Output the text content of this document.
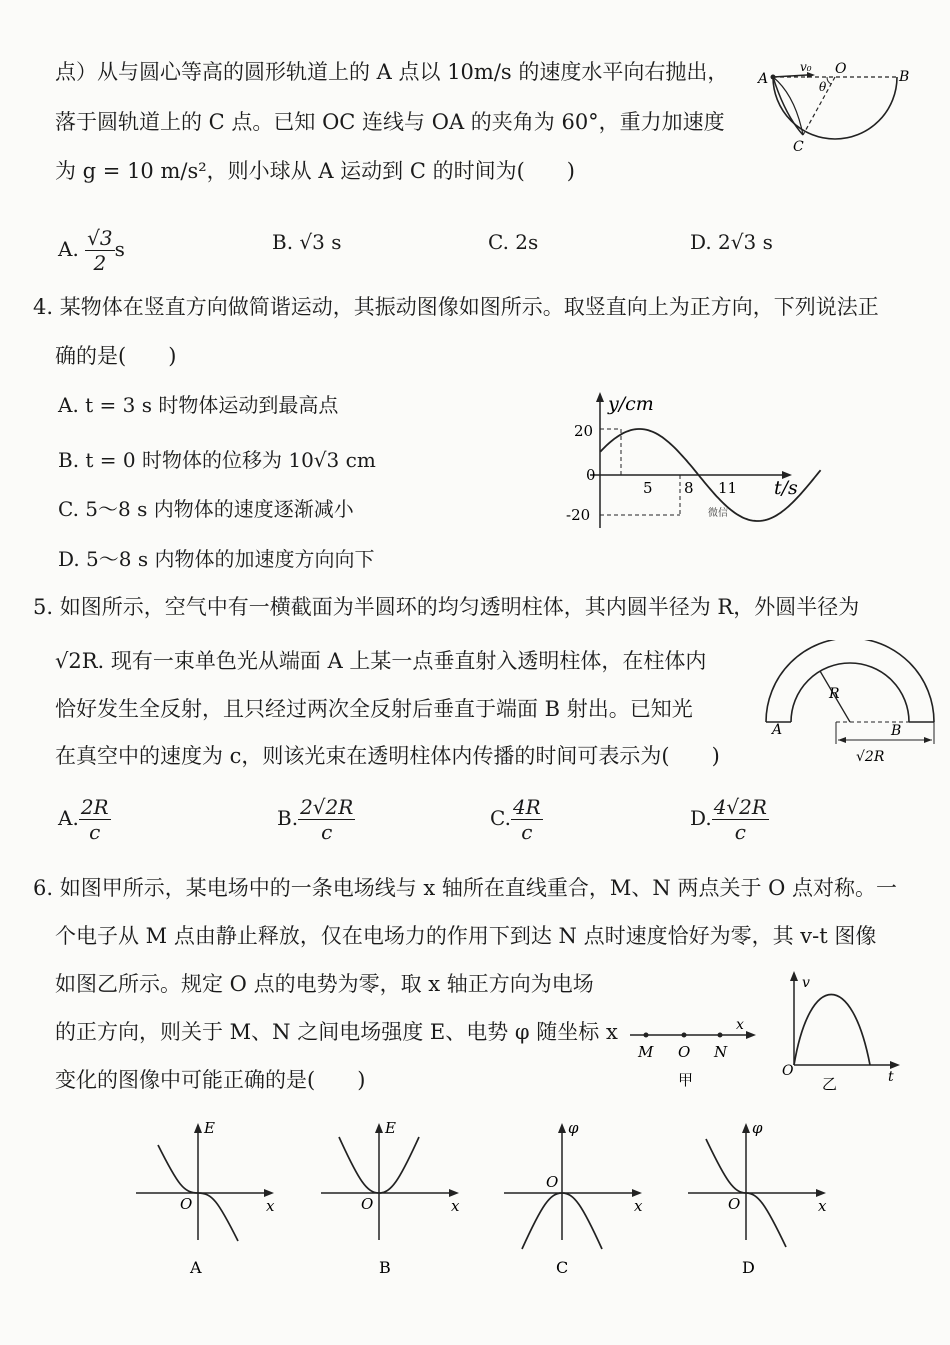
点）从与圆心等高的圆形轨道上的 A 点以 10m/s 的速度水平向右抛出，
落于圆轨道上的 C 点。已知 OC 连线与 OA 的夹角为 60°，重力加速度
为 g = 10 m/s²，则小球从 A 运动到 C 的时间为(　　)
A
v₀ O
θ
B
C
A. $\frac{√3}{2}$ s	B. √3 s	C. 2s	D. 2√3 s
4. 某物体在竖直方向做简谐运动，其振动图像如图所示。取竖直向上为正方向，下列说法正
确的是(　　)
A. t = 3 s 时物体运动到最高点
B. t = 0 时物体的位移为 10√3 cm
C. 5～8 s 内物体的速度逐渐减小
D. 5～8 s 内物体的加速度方向向下
y/cm
t/s
20
0
-20
5 8 11
微信
5. 如图所示，空气中有一横截面为半圆环的均匀透明柱体，其内圆半径为 R，外圆半径为
√2R. 现有一束单色光从端面 A 上某一点垂直射入透明柱体，在柱体内
恰好发生全反射，且只经过两次全反射后垂直于端面 B 射出。已知光
在真空中的速度为 c，则该光束在透明柱体内传播的时间可表示为(　　)
R
A	B
√2R
A. $\frac{2R}{c}$	B. $\frac{2√2R}{c}$	C. $\frac{4R}{c}$	D. $\frac{4√2R}{c}$
6. 如图甲所示，某电场中的一条电场线与 x 轴所在直线重合，M、N 两点关于 O 点对称。一
个电子从 M 点由静止释放，仅在电场力的作用下到达 N 点时速度恰好为零，其 v-t 图像
如图乙所示。规定 O 点的电势为零，取 x 轴正方向为电场
的正方向，则关于 M、N 之间电场强度 E、电势 φ 随坐标 x
变化的图像中可能正确的是(　　)
x
M O N
甲
v
t
O
乙
E
x
O
A
E
x
O
B
φ
x
O
C
φ
x
O
D
